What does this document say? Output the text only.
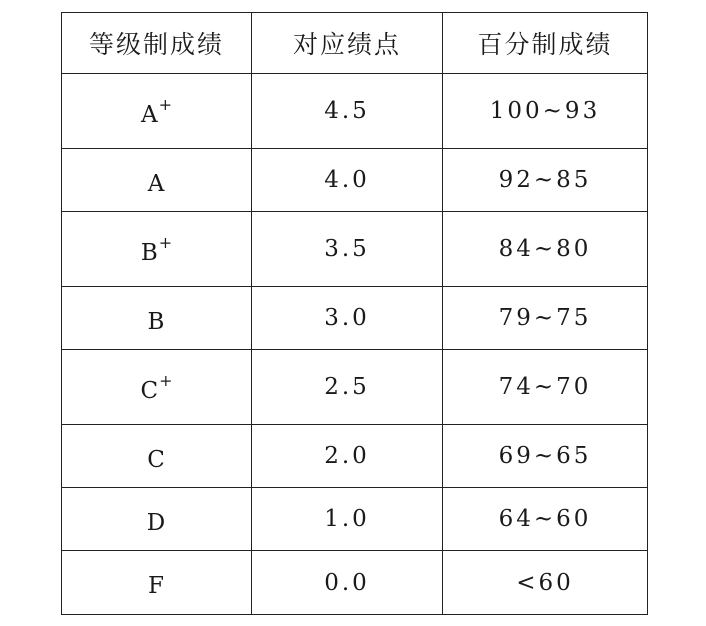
等级制成绩	对应绩点	百分制成绩
A+	4.5	100~93
A	4.0	92~85
B+	3.5	84~80
B	3.0	79~75
C+	2.5	74~70
C	2.0	69~65
D	1.0	64~60
F	0.0	<60
